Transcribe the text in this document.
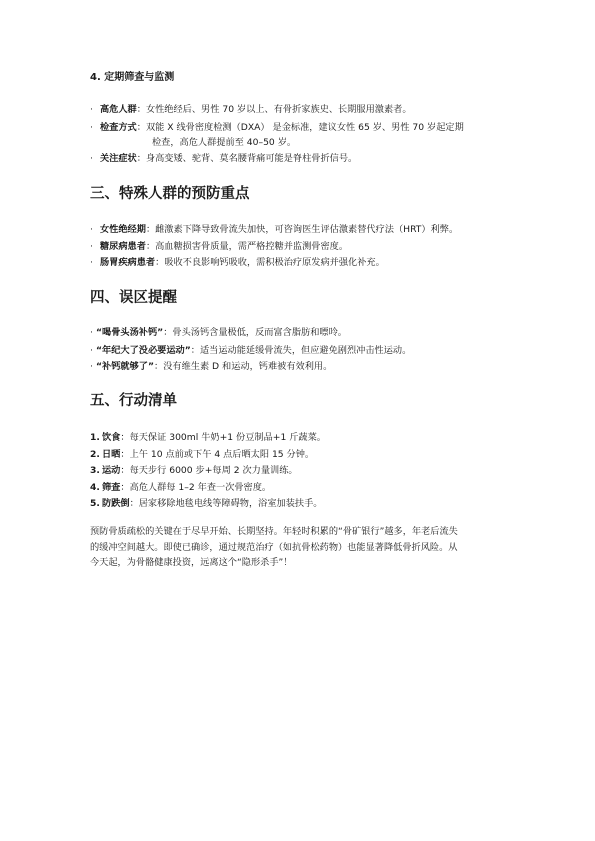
4. 定期筛查与监测
· 高危人群：女性绝经后、男性 70 岁以上、有骨折家族史、长期服用激素者。
· 检查方式：双能 X 线骨密度检测（DXA） 是金标准，建议女性 65 岁、男性 70 岁起定期
检查，高危人群提前至 40–50 岁。
· 关注症状：身高变矮、驼背、莫名腰背痛可能是脊柱骨折信号。
三、特殊人群的预防重点
· 女性绝经期：雌激素下降导致骨流失加快，可咨询医生评估激素替代疗法（HRT）利弊。
· 糖尿病患者：高血糖损害骨质量，需严格控糖并监测骨密度。
· 肠胃疾病患者：吸收不良影响钙吸收，需积极治疗原发病并强化补充。
四、误区提醒
· “喝骨头汤补钙”：骨头汤钙含量极低，反而富含脂肪和嘌呤。
· “年纪大了没必要运动”：适当运动能延缓骨流失，但应避免剧烈冲击性运动。
· “补钙就够了”：没有维生素 D 和运动，钙难被有效利用。
五、行动清单
1. 饮食：每天保证 300ml 牛奶+1 份豆制品+1 斤蔬菜。
2. 日晒：上午 10 点前或下午 4 点后晒太阳 15 分钟。
3. 运动：每天步行 6000 步+每周 2 次力量训练。
4. 筛查：高危人群每 1–2 年查一次骨密度。
5. 防跌倒：居家移除地毯电线等障碍物，浴室加装扶手。
预防骨质疏松的关键在于尽早开始、长期坚持。年轻时积累的“骨矿银行”越多，年老后流失
的缓冲空间越大。即使已确诊，通过规范治疗（如抗骨松药物）也能显著降低骨折风险。从
今天起，为骨骼健康投资，远离这个“隐形杀手”！
